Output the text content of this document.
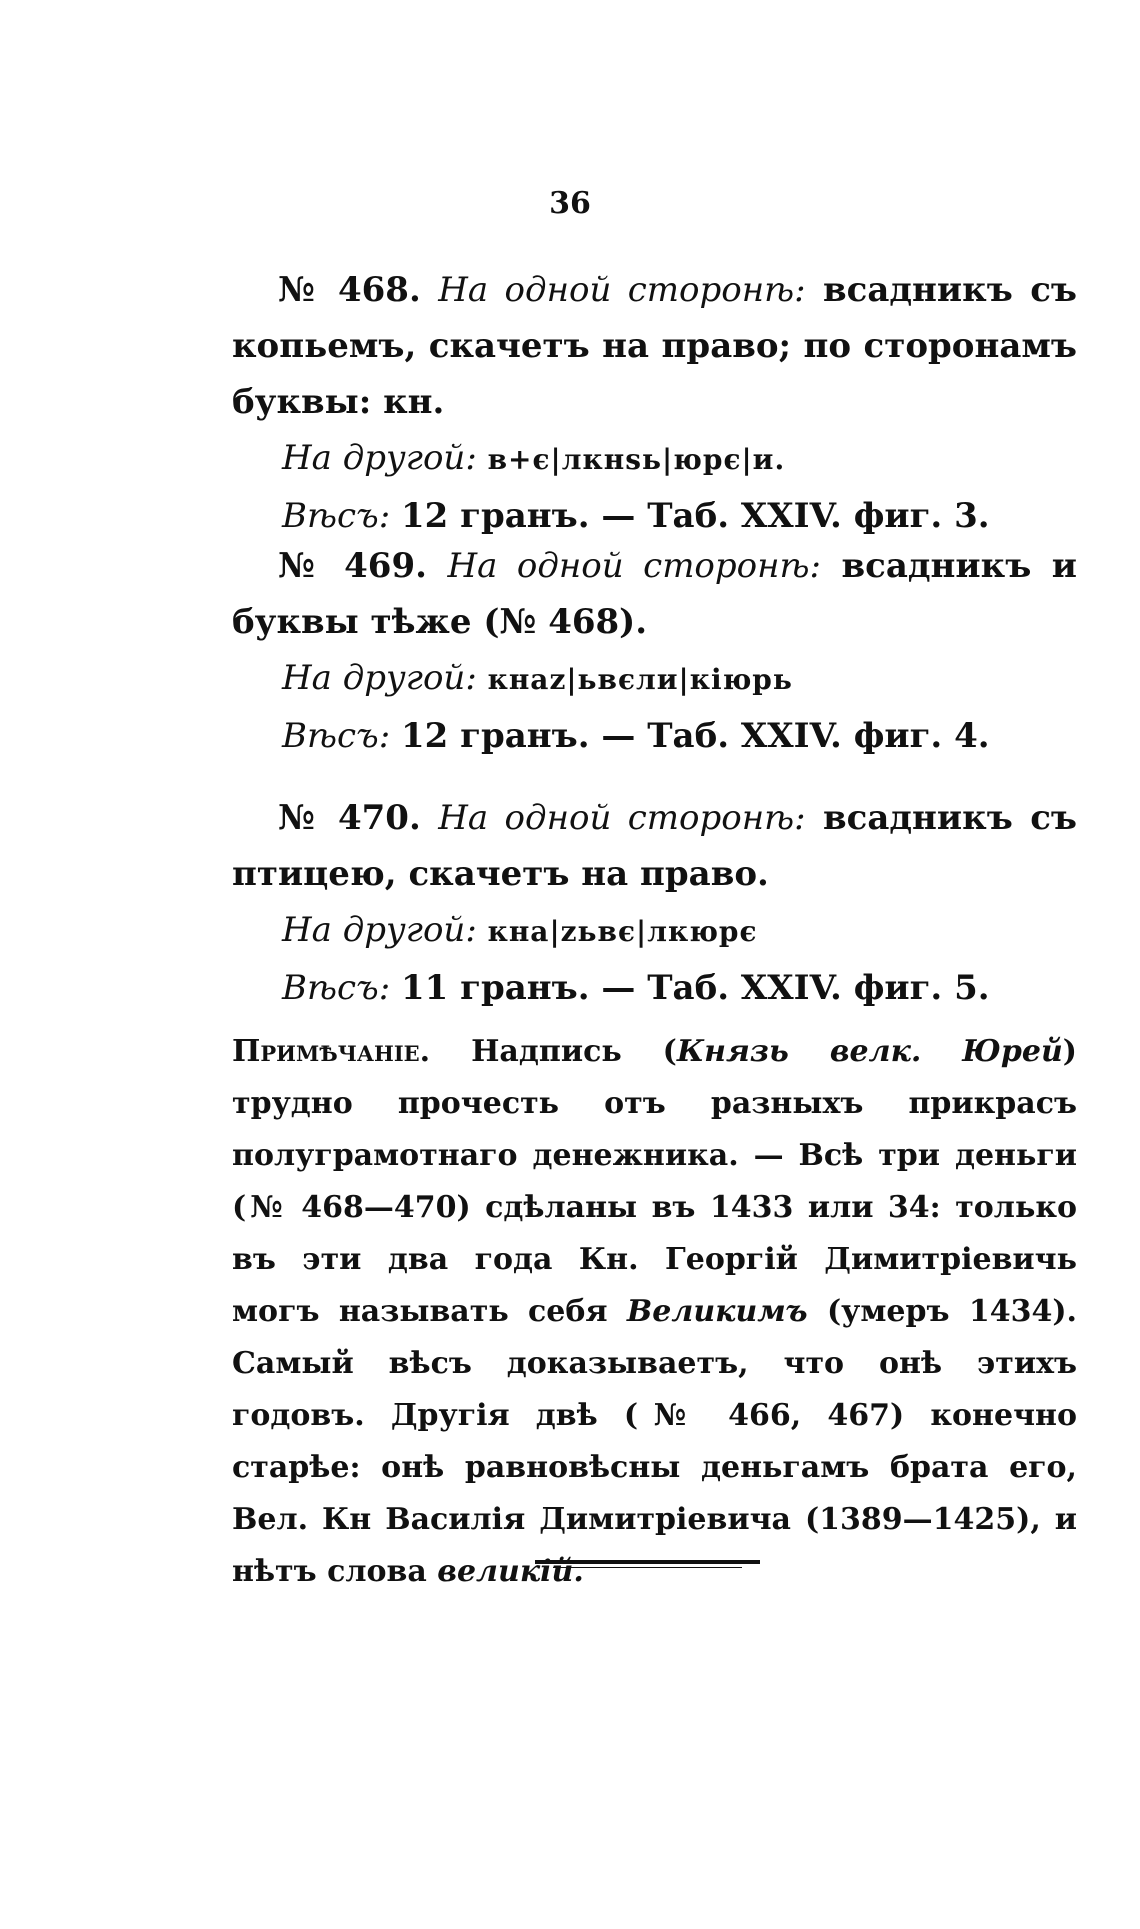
36
№ 468. На одной сторонѣ: всадникъ съ копьемъ, скачетъ на право; по сторонамъ буквы: кн.
На другой: в+є|лкнѕь|юрє|и.
Вѣсъ: 12 гранъ. — Таб. XXIV. фиг. 3.
№ 469. На одной сторонѣ: всадникъ и буквы тѣже (№ 468).
На другой: кнаz|ьвєли|кіюрь
Вѣсъ: 12 гранъ. — Таб. XXIV. фиг. 4.
№ 470. На одной сторонѣ: всадникъ съ птицею, скачетъ на право.
На другой: кна|zьвє|лкюрє
Вѣсъ: 11 гранъ. — Таб. XXIV. фиг. 5.
Примѣчаніе. Надпись (Князь велк. Юрей) трудно прочесть отъ разныхъ прикрасъ полуграмотнаго денежника. — Всѣ три деньги (№ 468—470) сдѣланы въ 1433 или 34: только въ эти два года Кн. Георгій Димитріевичь могъ называть себя Великимъ (умеръ 1434). Самый вѣсъ доказываетъ, что онѣ этихъ годовъ. Другія двѣ (№ 466, 467) конечно старѣе: онѣ равновѣсны деньгамъ брата его, Вел. Кн Василія Димитріевича (1389—1425), и нѣтъ слова великій.
